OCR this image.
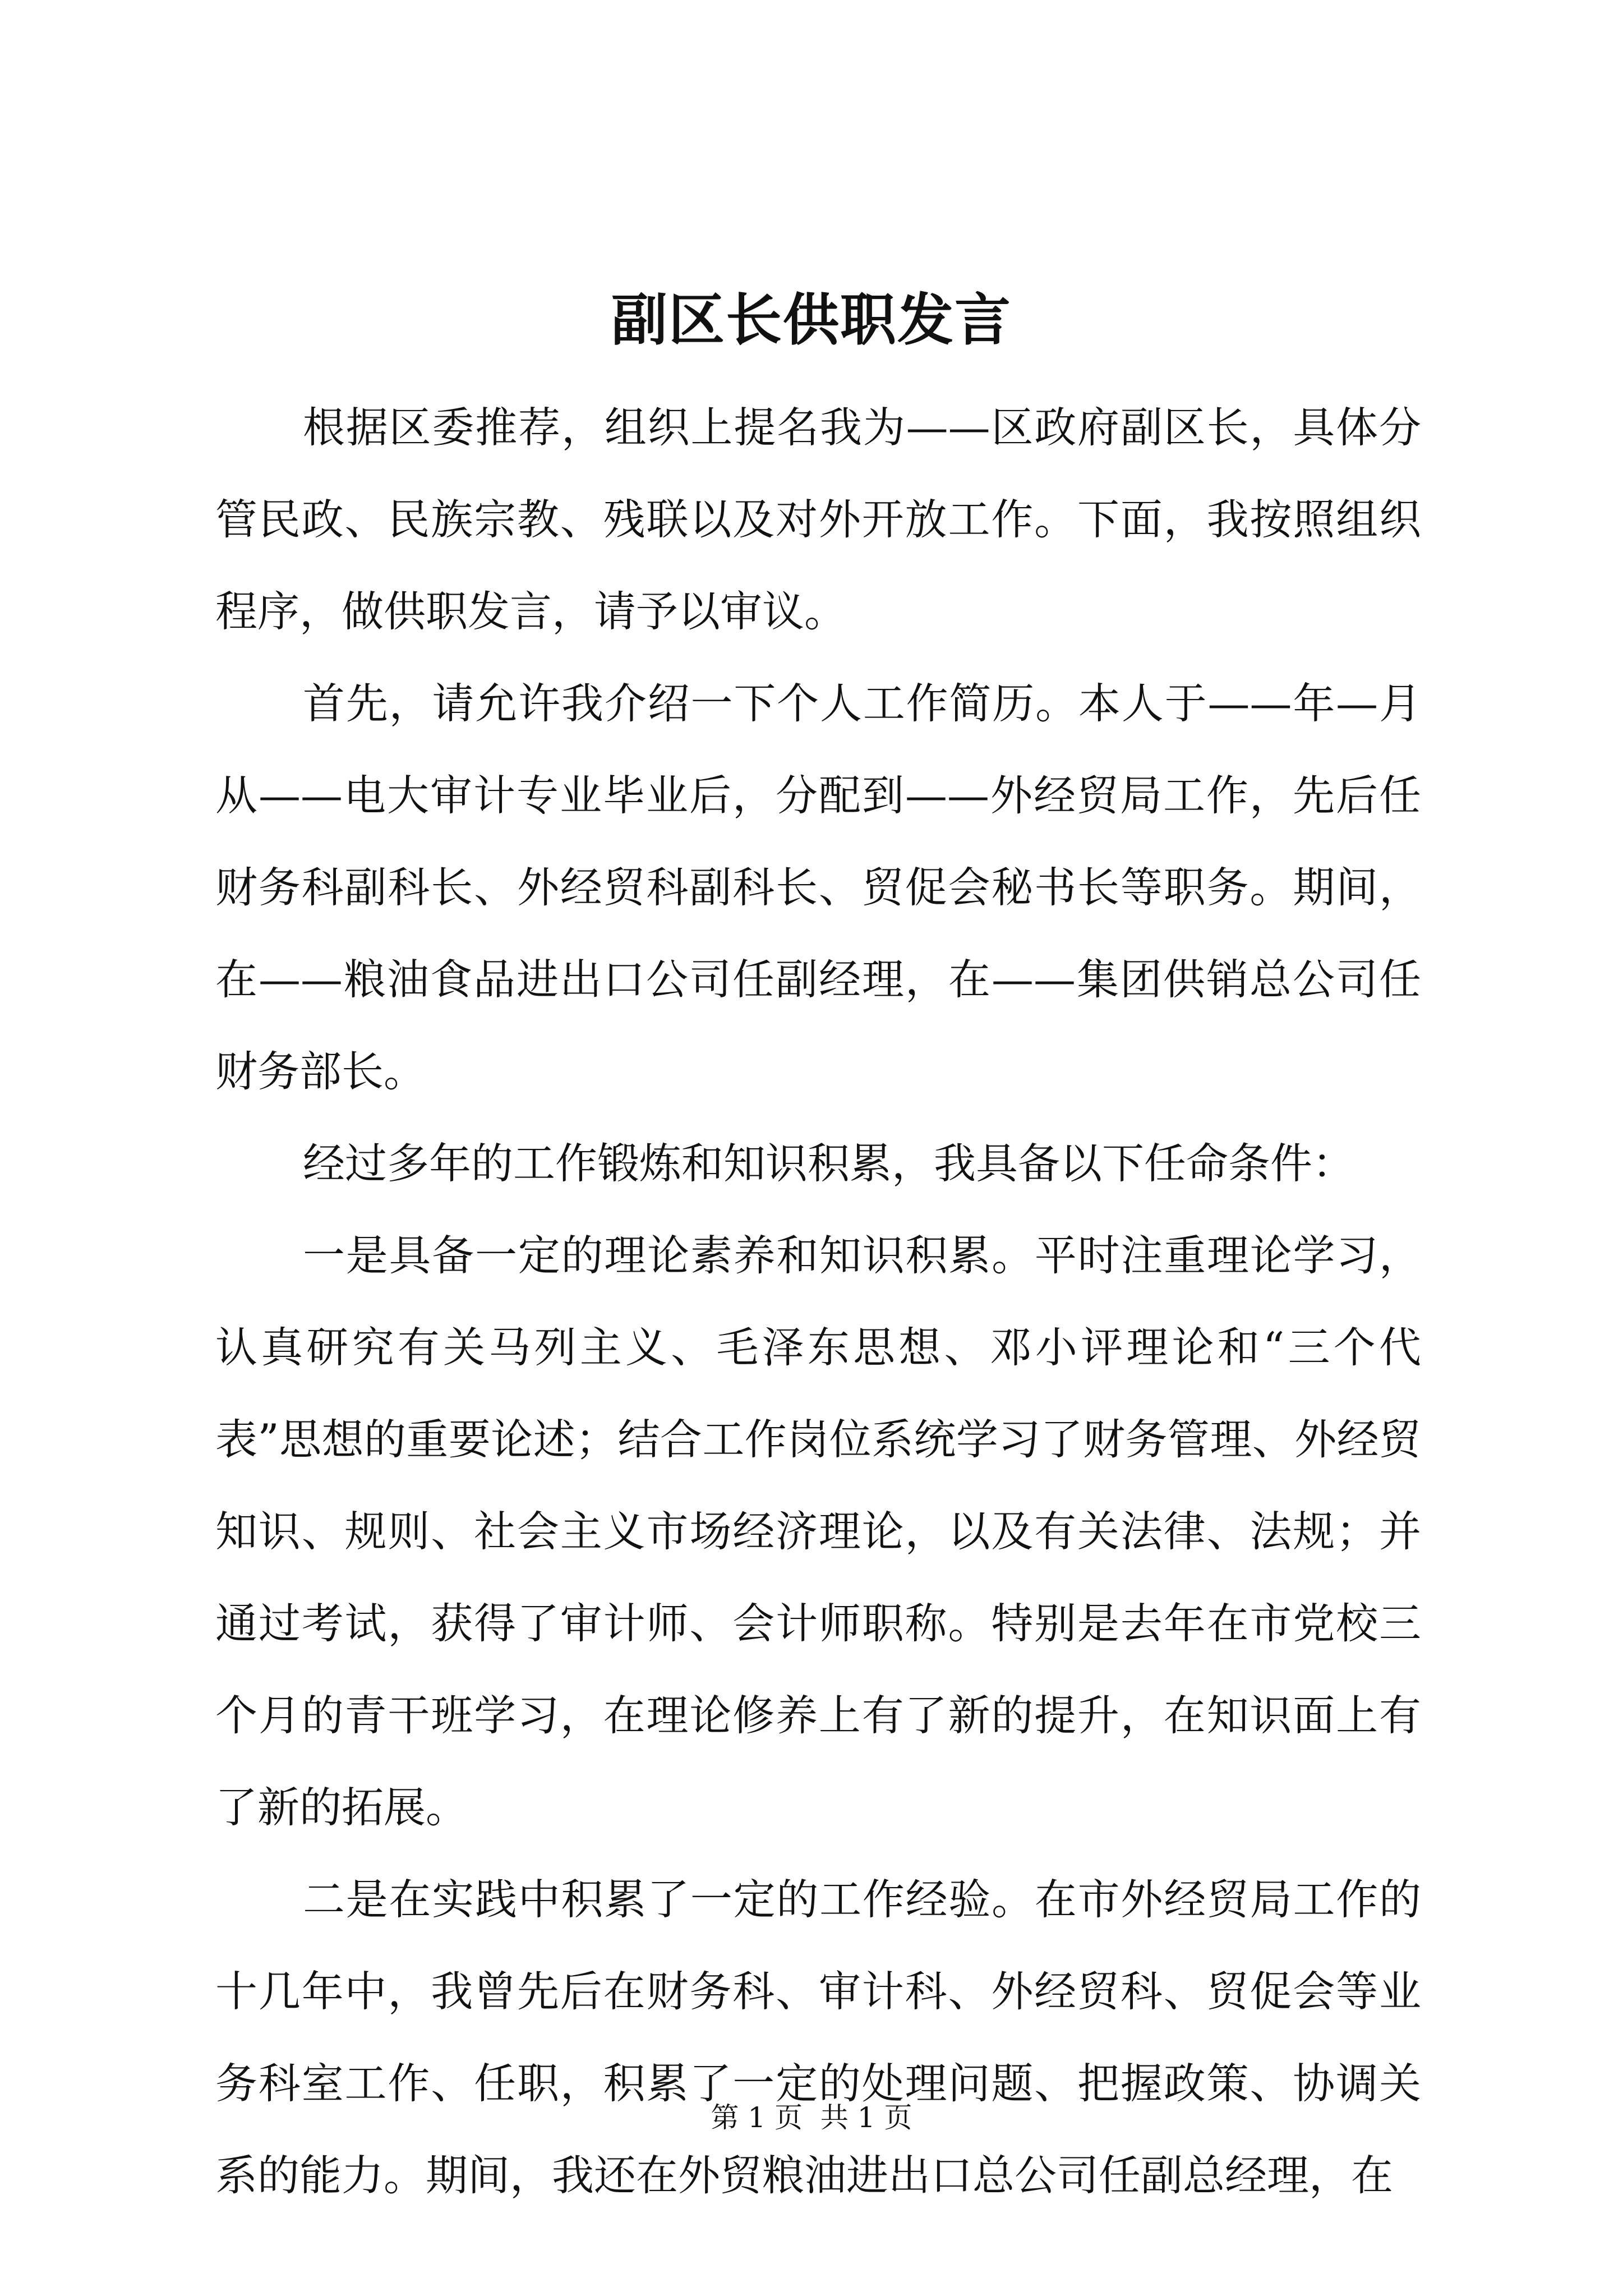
副区长供职发言

根据区委推荐，组织上提名我为——区政府副区长，具体分管民政、民族宗教、残联以及对外开放工作。下面，我按照组织程序，做供职发言，请予以审议。

首先，请允许我介绍一下个人工作简历。本人于——年—月从——电大审计专业毕业后，分配到——外经贸局工作，先后任财务科副科长、外经贸科副科长、贸促会秘书长等职务。期间，在——粮油食品进出口公司任副经理，在——集团供销总公司任财务部长。

经过多年的工作锻炼和知识积累，我具备以下任命条件：

一是具备一定的理论素养和知识积累。平时注重理论学习，认真研究有关马列主义、毛泽东思想、邓小评理论和“三个代表”思想的重要论述；结合工作岗位系统学习了财务管理、外经贸知识、规则、社会主义市场经济理论，以及有关法律、法规；并通过考试，获得了审计师、会计师职称。特别是去年在市党校三个月的青干班学习，在理论修养上有了新的提升，在知识面上有了新的拓展。

二是在实践中积累了一定的工作经验。在市外经贸局工作的十几年中，我曾先后在财务科、审计科、外经贸科、贸促会等业务科室工作、任职，积累了一定的处理问题、把握政策、协调关系的能力。期间，我还在外贸粮油进出口总公司任副总经理，在

第 1 页 共 1 页
